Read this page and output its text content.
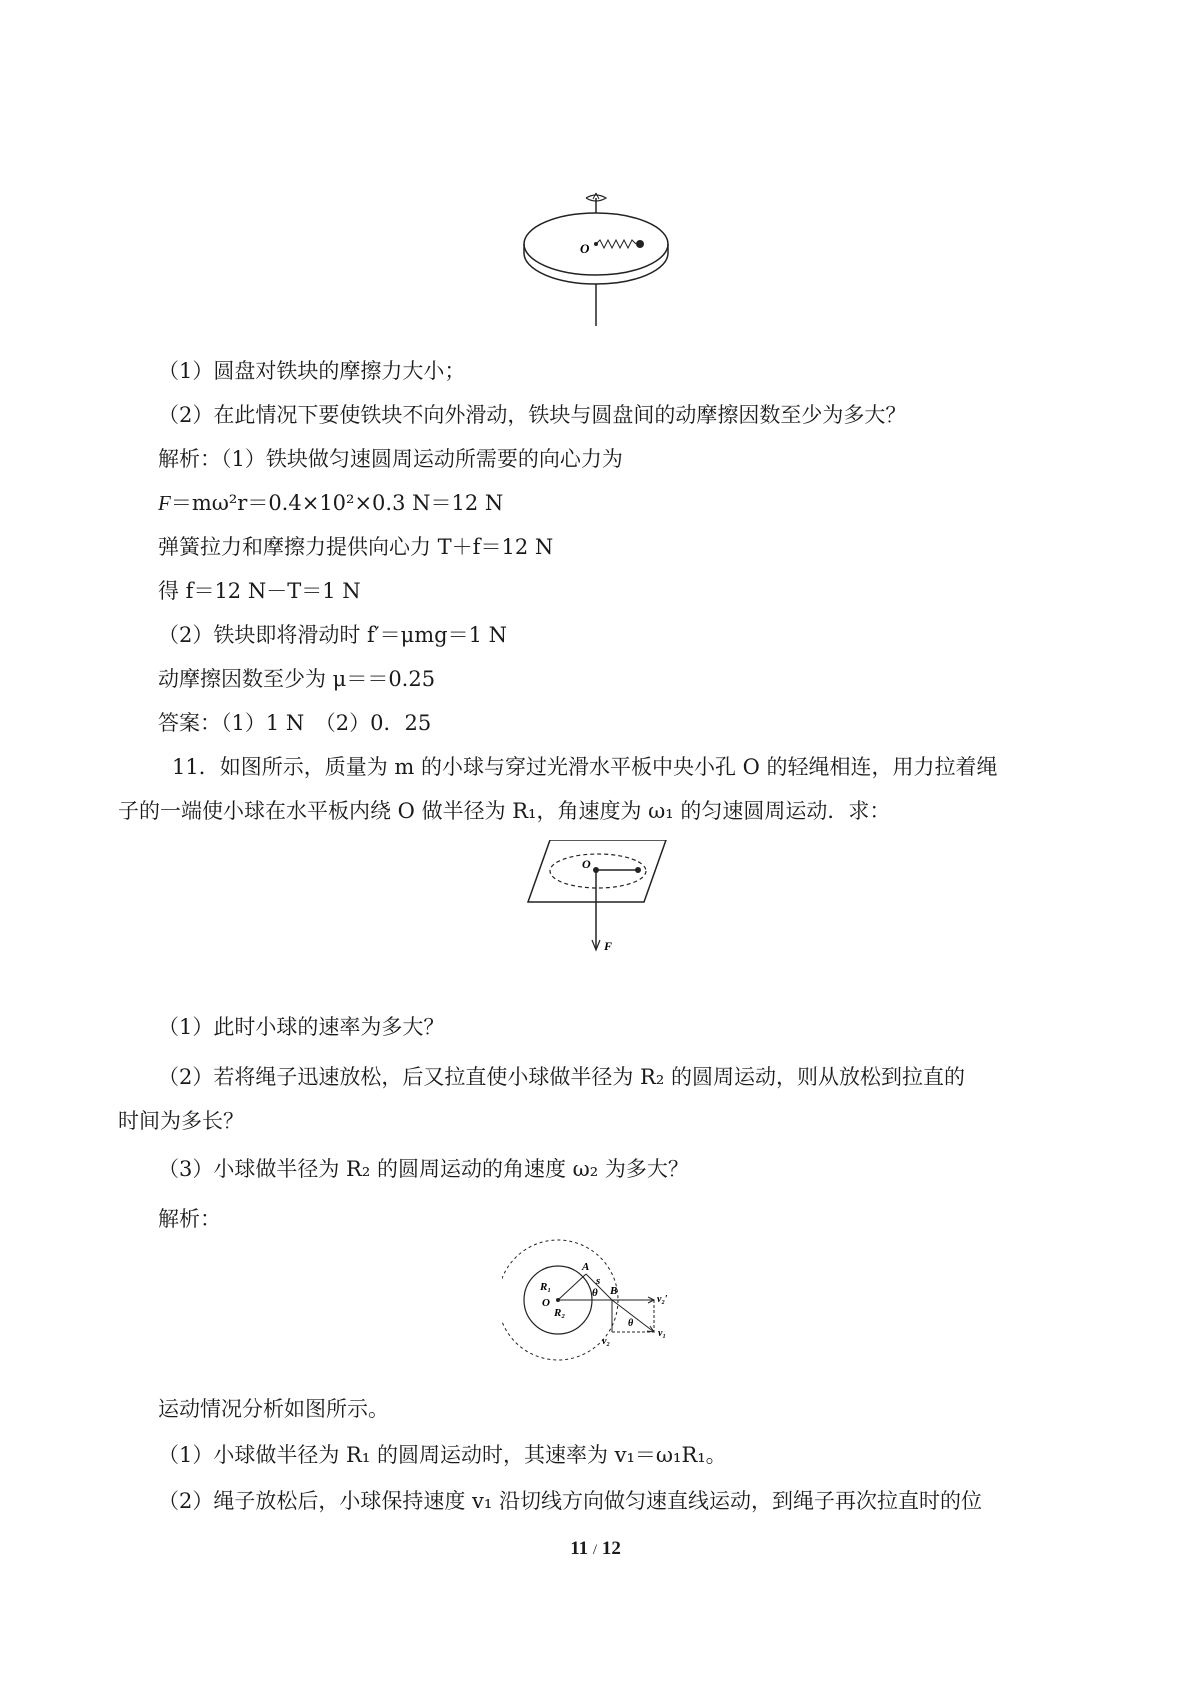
O
（1）圆盘对铁块的摩擦力大小；
（2）在此情况下要使铁块不向外滑动，铁块与圆盘间的动摩擦因数至少为多大？
解析：（1）铁块做匀速圆周运动所需要的向心力为
F＝mω²r＝0.4×10²×0.3 N＝12 N
弹簧拉力和摩擦力提供向心力 T＋f＝12 N
得 f＝12 N－T＝1 N
（2）铁块即将滑动时 f′＝μmg＝1 N
动摩擦因数至少为 μ＝＝0.25
答案：（1）1 N　（2）0．25
11．如图所示，质量为 m 的小球与穿过光滑水平板中央小孔 O 的轻绳相连，用力拉着绳
子的一端使小球在水平板内绕 O 做半径为 R₁，角速度为 ω₁ 的匀速圆周运动．求：
O
F
（1）此时小球的速率为多大？
（2）若将绳子迅速放松，后又拉直使小球做半径为 R₂ 的圆周运动，则从放松到拉直的
时间为多长？
（3）小球做半径为 R₂ 的圆周运动的角速度 ω₂ 为多大？
解析：
A
B
s
θ
R₁
R₂
O	v₂′
v₂
v₁
θ
运动情况分析如图所示。
（1）小球做半径为 R₁ 的圆周运动时，其速率为 v₁＝ω₁R₁。
（2）绳子放松后，小球保持速度 v₁ 沿切线方向做匀速直线运动，到绳子再次拉直时的位
11 / 12
